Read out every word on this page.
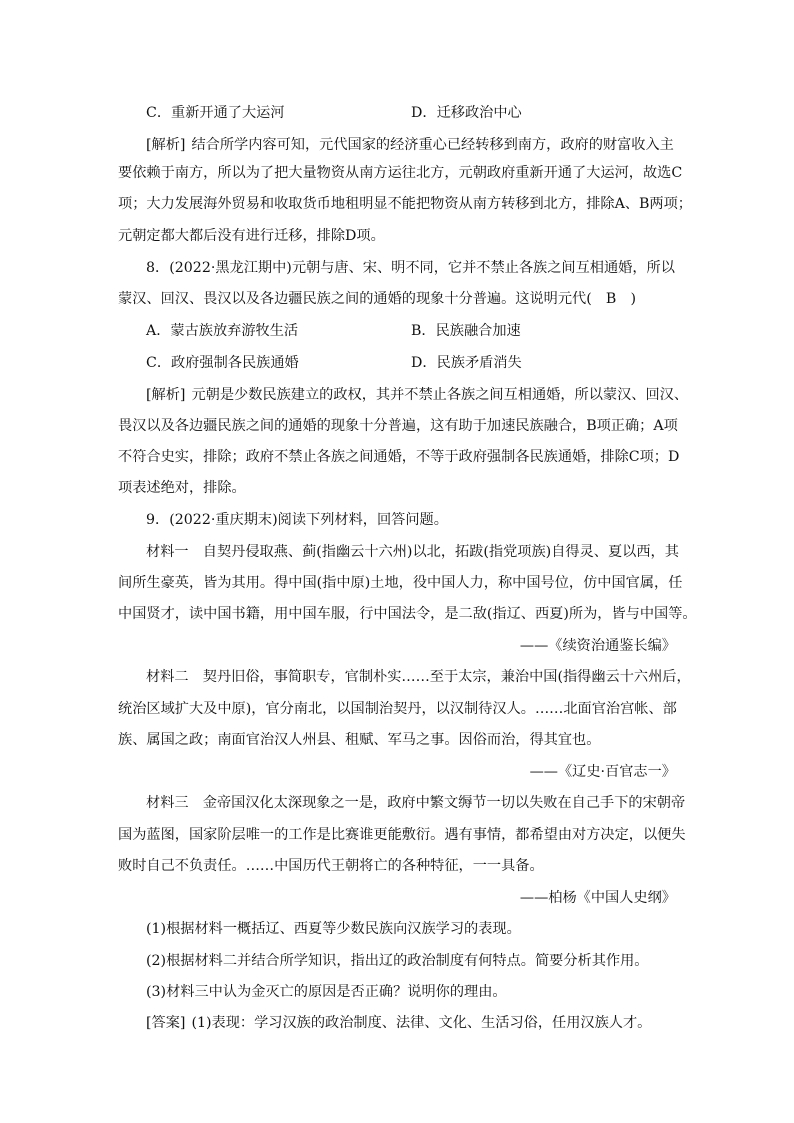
C．重新开通了大运河	D．迁移政治中心
[解析] 结合所学内容可知，元代国家的经济重心已经转移到南方，政府的财富收入主
要依赖于南方，所以为了把大量物资从南方运往北方，元朝政府重新开通了大运河，故选C
项；大力发展海外贸易和收取货币地租明显不能把物资从南方转移到北方，排除A、B两项；
元朝定都大都后没有进行迁移，排除D项。
8．(2022·黑龙江期中)元朝与唐、宋、明不同，它并不禁止各族之间互相通婚，所以
蒙汉、回汉、畏汉以及各边疆民族之间的通婚的现象十分普遍。这说明元代(　B　)
A．蒙古族放弃游牧生活	B．民族融合加速
C．政府强制各民族通婚	D．民族矛盾消失
[解析] 元朝是少数民族建立的政权，其并不禁止各族之间互相通婚，所以蒙汉、回汉、
畏汉以及各边疆民族之间的通婚的现象十分普遍，这有助于加速民族融合，B项正确；A项
不符合史实，排除；政府不禁止各族之间通婚，不等于政府强制各民族通婚，排除C项；D
项表述绝对，排除。
9．(2022·重庆期末)阅读下列材料，回答问题。
材料一　自契丹侵取燕、蓟(指幽云十六州)以北，拓跋(指党项族)自得灵、夏以西，其
间所生豪英，皆为其用。得中国(指中原)土地，役中国人力，称中国号位，仿中国官属，任
中国贤才，读中国书籍，用中国车服，行中国法令，是二敌(指辽、西夏)所为，皆与中国等。
——《续资治通鉴长编》
材料二　契丹旧俗，事简职专，官制朴实……至于太宗，兼治中国(指得幽云十六州后，
统治区域扩大及中原)，官分南北，以国制治契丹，以汉制待汉人。……北面官治宫帐、部
族、属国之政；南面官治汉人州县、租赋、军马之事。因俗而治，得其宜也。
——《辽史·百官志一》
材料三　金帝国汉化太深现象之一是，政府中繁文缛节一切以失败在自己手下的宋朝帝
国为蓝图，国家阶层唯一的工作是比赛谁更能敷衍。遇有事情，都希望由对方决定，以便失
败时自己不负责任。……中国历代王朝将亡的各种特征，一一具备。
——柏杨《中国人史纲》
(1)根据材料一概括辽、西夏等少数民族向汉族学习的表现。
(2)根据材料二并结合所学知识，指出辽的政治制度有何特点。简要分析其作用。
(3)材料三中认为金灭亡的原因是否正确？说明你的理由。
[答案] (1)表现：学习汉族的政治制度、法律、文化、生活习俗，任用汉族人才。
